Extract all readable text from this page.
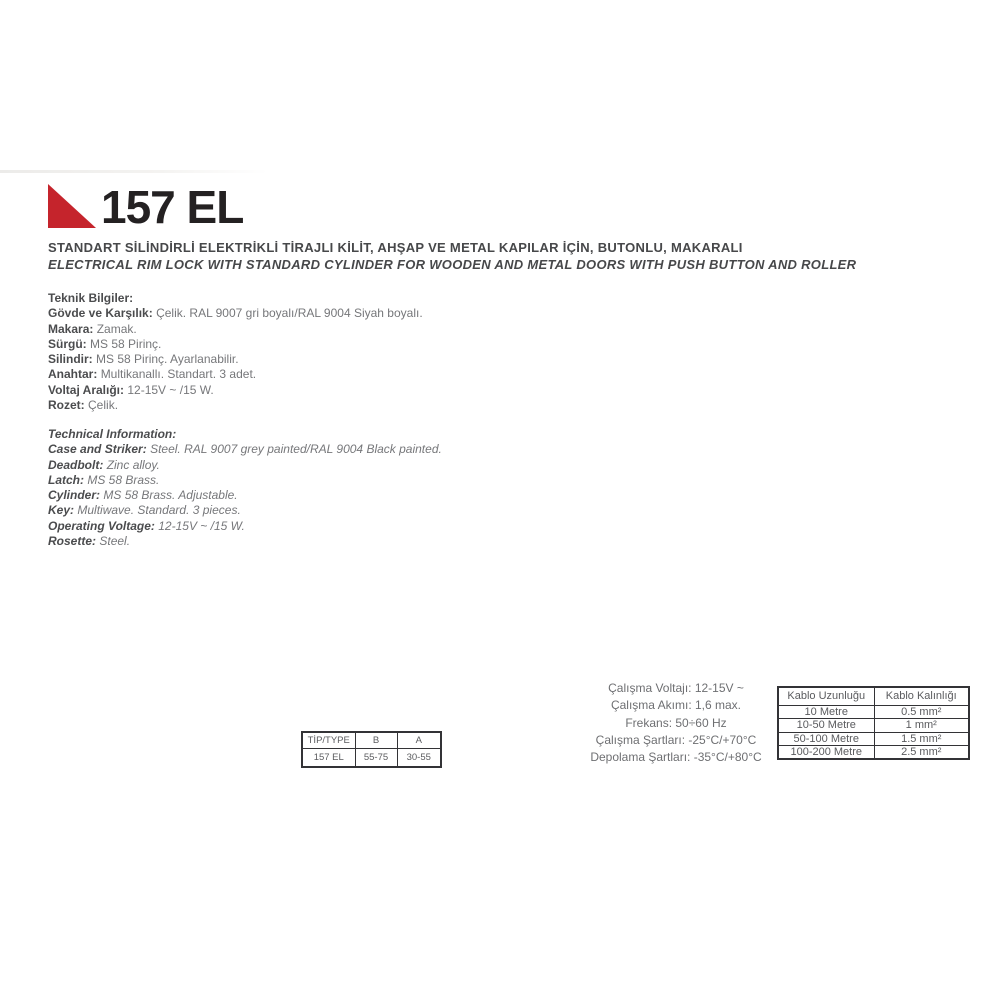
157 EL
STANDART SİLİNDİRLİ ELEKTRİKLİ TİRAJLI KİLİT, AHŞAP VE METAL KAPILAR İÇİN, BUTONLU, MAKARALI
ELECTRICAL RIM LOCK WITH STANDARD CYLINDER FOR WOODEN AND METAL DOORS WITH PUSH BUTTON AND ROLLER
Teknik Bilgiler:
Gövde ve Karşılık: Çelik. RAL 9007 gri boyalı/RAL 9004 Siyah boyalı.
Makara: Zamak.
Sürgü: MS 58 Pirinç.
Silindir: MS 58 Pirinç. Ayarlanabilir.
Anahtar: Multikanallı. Standart. 3 adet.
Voltaj Aralığı: 12-15V ~ /15 W.
Rozet: Çelik.
Technical Information:
Case and Striker: Steel. RAL 9007 grey painted/RAL 9004 Black painted.
Deadbolt: Zinc alloy.
Latch: MS 58 Brass.
Cylinder: MS 58 Brass. Adjustable.
Key: Multiwave. Standard. 3 pieces.
Operating Voltage: 12-15V ~ /15 W.
Rosette: Steel.
TİP/TYPE	B	A
157 EL	55-75	30-55
Çalışma Voltajı: 12-15V ~
Çalışma Akımı: 1,6 max.
Frekans: 50÷60 Hz
Çalışma Şartları: -25°C/+70°C
Depolama Şartları: -35°C/+80°C
Kablo Uzunluğu	Kablo Kalınlığı
10 Metre	0.5 mm²
10-50 Metre	1 mm²
50-100 Metre	1.5 mm²
100-200 Metre	2.5 mm²
